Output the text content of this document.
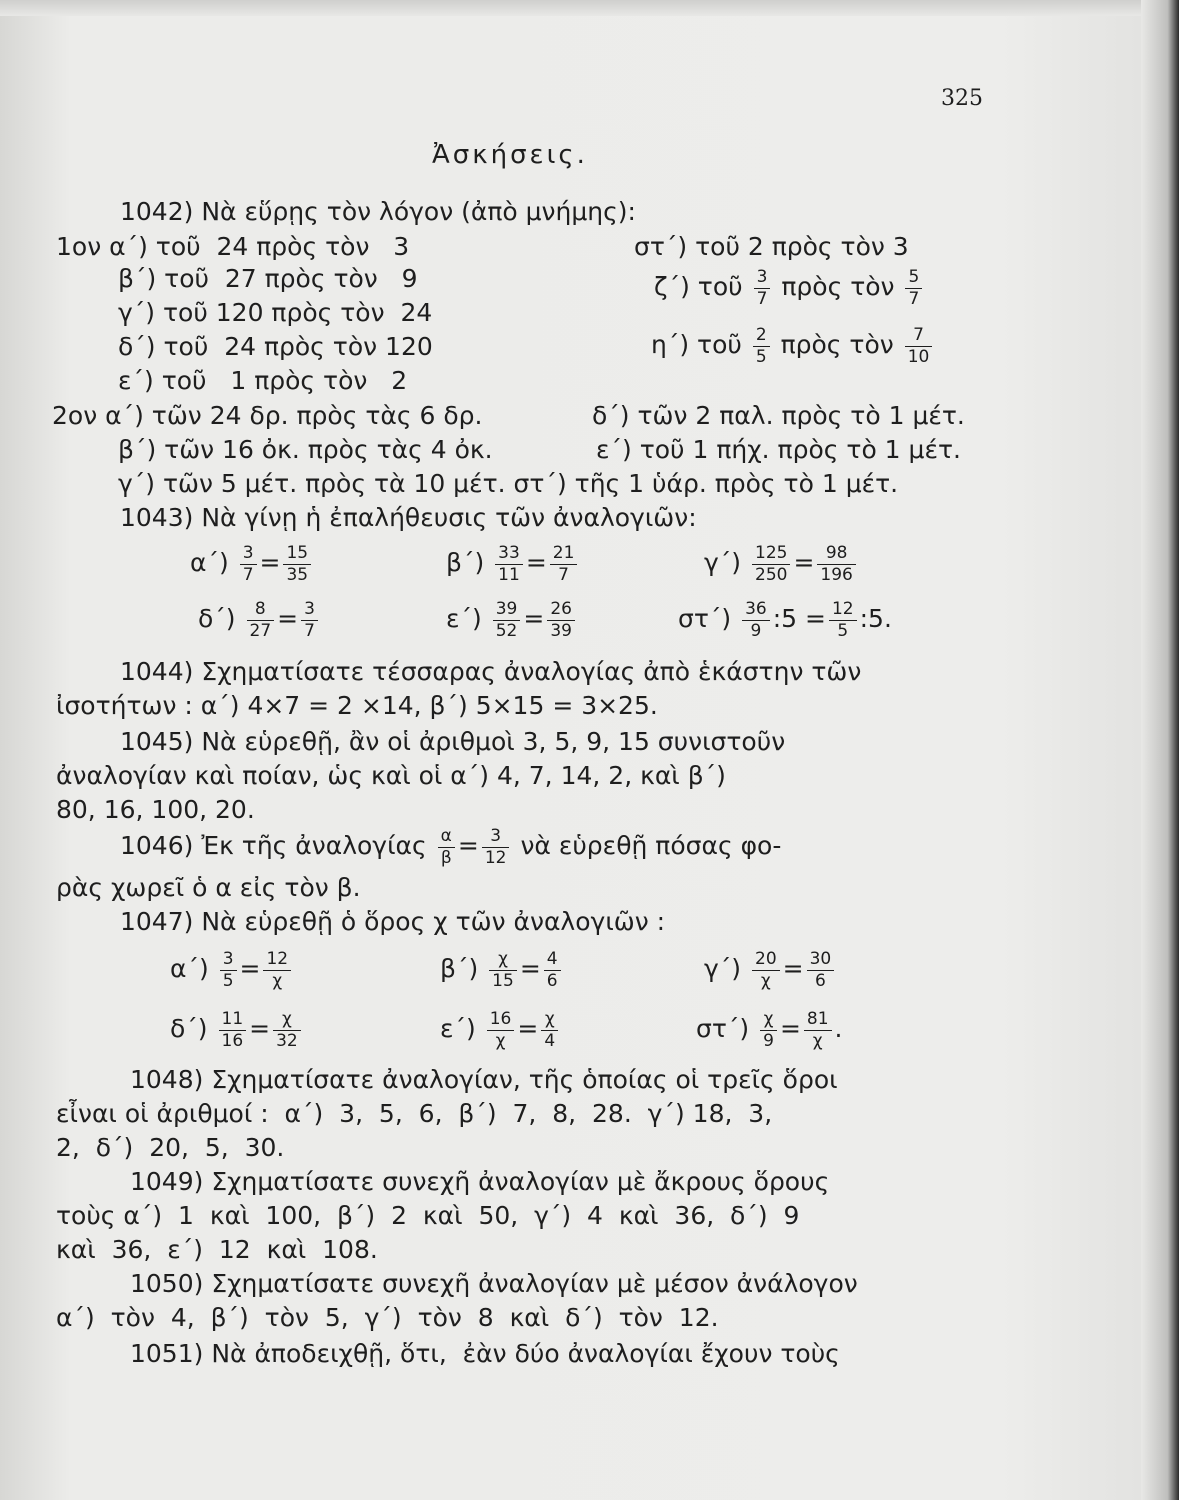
325
Ἀσκήσεις.
1042) Νὰ εὕρῃς τὸν λόγον (ἀπὸ μνήμης):
1ον α΄) τοῦ  24 πρὸς τὸν   3
β΄) τοῦ  27 πρὸς τὸν   9
γ΄) τοῦ 120 πρὸς τὸν  24
δ΄) τοῦ  24 πρὸς τὸν 120
ε΄) τοῦ   1 πρὸς τὸν   2
στ΄) τοῦ 2 πρὸς τὸν 3
ζ΄) τοῦ $\frac{3}{7}$ πρὸς τὸν $\frac{5}{7}$
η΄) τοῦ $\frac{2}{5}$ πρὸς τὸν $\frac{7}{10}$
2ον α΄) τῶν 24 δρ. πρὸς τὰς 6 δρ.	δ΄) τῶν 2 παλ. πρὸς τὸ 1 μέτ.
β΄) τῶν 16 ὀκ. πρὸς τὰς 4 ὀκ.	ε΄) τοῦ 1 πήχ. πρὸς τὸ 1 μέτ.
γ΄) τῶν 5 μέτ. πρὸς τὰ 10 μέτ. στ΄) τῆς 1 ὑάρ. πρὸς τὸ 1 μέτ.
1043) Νὰ γίνῃ ἡ ἐπαλήθευσις τῶν ἀναλογιῶν:
$\alpha΄) \frac{3}{7} = \frac{15}{35}$	$\beta΄) \frac{33}{11} = \frac{21}{7}$	$\gamma΄) \frac{125}{250} = \frac{98}{196}$
$\delta΄) \frac{8}{27} = \frac{3}{7}$	$\varepsilon΄) \frac{39}{52} = \frac{26}{39}$	$\sigma\tau΄) \frac{36}{9}$ :5 = $\frac{12}{5}$ :5.
1044) Σχηματίσατε τέσσαρας ἀναλογίας ἀπὸ ἑκάστην τῶν
ἰσοτήτων : α΄) 4×7 = 2 ×14, β΄) 5×15 = 3×25.
1045) Νὰ εὑρεθῇ, ἂν οἱ ἀριθμοὶ 3, 5, 9, 15 συνιστοῦν
ἀναλογίαν καὶ ποίαν, ὡς καὶ οἱ α΄) 4, 7, 14, 2, καὶ β΄)
80, 16, 100, 20.
1046) Ἐκ τῆς ἀναλογίας $\frac{\alpha}{\beta} = \frac{3}{12}$ νὰ εὑρεθῇ πόσας φο-
ρὰς χωρεῖ ὁ α εἰς τὸν β.
1047) Νὰ εὑρεθῇ ὁ ὅρος χ τῶν ἀναλογιῶν :
$\alpha΄) \frac{3}{5} = \frac{12}{\chi}$	$\beta΄) \frac{\chi}{15} = \frac{4}{6}$	$\gamma΄) \frac{20}{\chi} = \frac{30}{6}$
$\delta΄) \frac{11}{16} = \frac{\chi}{32}$	$\varepsilon΄) \frac{16}{\chi} = \frac{\chi}{4}$	$\sigma\tau΄) \frac{\chi}{9} = \frac{81}{\chi}$ .
1048) Σχηματίσατε ἀναλογίαν, τῆς ὁποίας οἱ τρεῖς ὅροι
εἶναι οἱ ἀριθμοί :  α΄)  3,  5,  6,  β΄)  7,  8,  28.  γ΄) 18,  3,
2,  δ΄)  20,  5,  30.
1049) Σχηματίσατε συνεχῆ ἀναλογίαν μὲ ἄκρους ὅρους
τοὺς α΄)  1  καὶ  100,  β΄)  2  καὶ  50,  γ΄)  4  καὶ  36,  δ΄)  9
καὶ  36,  ε΄)  12  καὶ  108.
1050) Σχηματίσατε συνεχῆ ἀναλογίαν μὲ μέσον ἀνάλογον
α΄)  τὸν  4,  β΄)  τὸν  5,  γ΄)  τὸν  8  καὶ  δ΄)  τὸν  12.
1051) Νὰ ἀποδειχθῇ, ὅτι,  ἐὰν δύο ἀναλογίαι ἔχουν τοὺς
